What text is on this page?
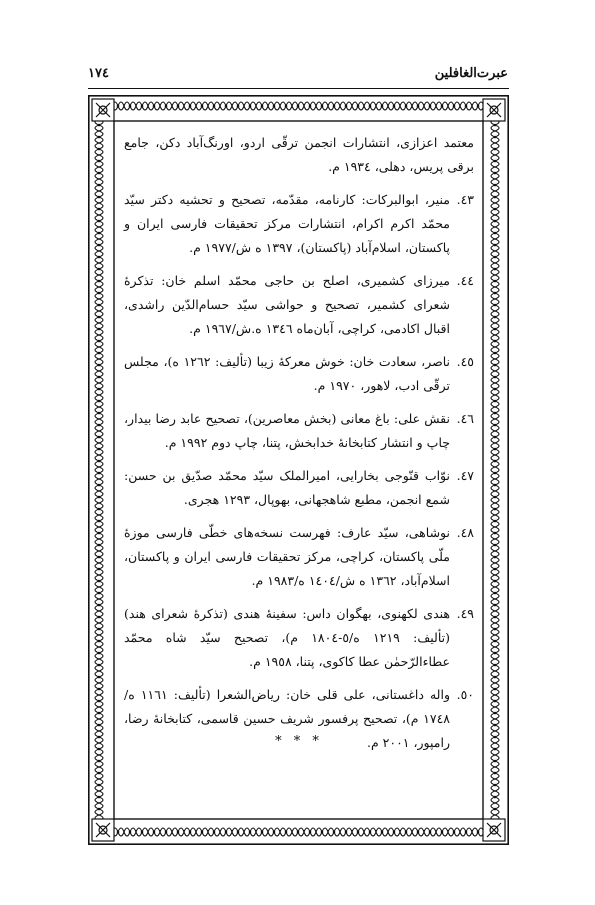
عبرت‌الغافلین
۱۷٤
معتمد اعزازی، انتشارات انجمن ترقّی اردو، اورنگ‌آباد دکن، جامع برقی پریس، دهلی، ۱۹۳٤ م.
٤٣.
منیر، ابوالبرکات: کارنامه، مقدّمه، تصحیح و تحشیه دکتر سیّد محمّد اکرم اکرام، انتشارات مرکز تحقیقات فارسی ایران و پاکستان، اسلام‌آباد (پاکستان)، ۱۳۹۷ ه ش/۱۹۷۷ م.
٤٤.
میرزای کشمیری، اصلح بن حاجی محمّد اسلم خان: تذکرهٔ شعرای کشمیر، تصحیح و حواشی سیّد حسام‌الدّین راشدی، اقبال اکادمی، کراچی، آبان‌ماه ۱۳٤٦ ه.ش/۱۹٦۷ م.
٤٥.
ناصر، سعادت خان: خوش معرکهٔ زیبا (تألیف: ۱۲٦۲ ه)، مجلس ترقّی ادب، لاهور، ۱۹۷۰ م.
٤٦.
نقش علی: باغ معانی (بخش معاصرین)، تصحیح عابد رضا بیدار، چاپ و انتشار کتابخانهٔ خدابخش، پتنا، چاپ دوم ۱۹۹۲ م.
٤٧.
نوّاب قنّوجی بخارایی، امیرالملک سیّد محمّد صدّیق بن حسن: شمع انجمن، مطبع شاهجهانی، بهوپال، ۱۲۹۳ هجری.
٤٨.
نوشاهی، سیّد عارف: فهرست نسخه‌های خطّی فارسی موزهٔ ملّی پاکستان، کراچی، مرکز تحقیقات فارسی ایران و پاکستان، اسلام‌آباد، ۱۳٦۲ ه ش/۱٤۰٤ ه/۱۹۸۳ م.
٤٩.
هندی لکهنوی، بهگوان داس: سفینهٔ هندی (تذکرهٔ شعرای هند) (تألیف: ۱۲۱۹ ه/٥-۱۸۰٤ م)، تصحیح سیّد شاه محمّد عطاءالرّحمٰن عطا کاکوی، پتنا، ۱۹٥۸ م.
٥٠.
واله داغستانی، علی قلی خان: ریاض‌الشعرا (تألیف: ۱۱٦۱ ه/۱۷٤۸ م)، تصحیح پرفسور شریف حسین قاسمی، کتابخانهٔ رضا، رامپور، ۲۰۰۱ م.
* * *
